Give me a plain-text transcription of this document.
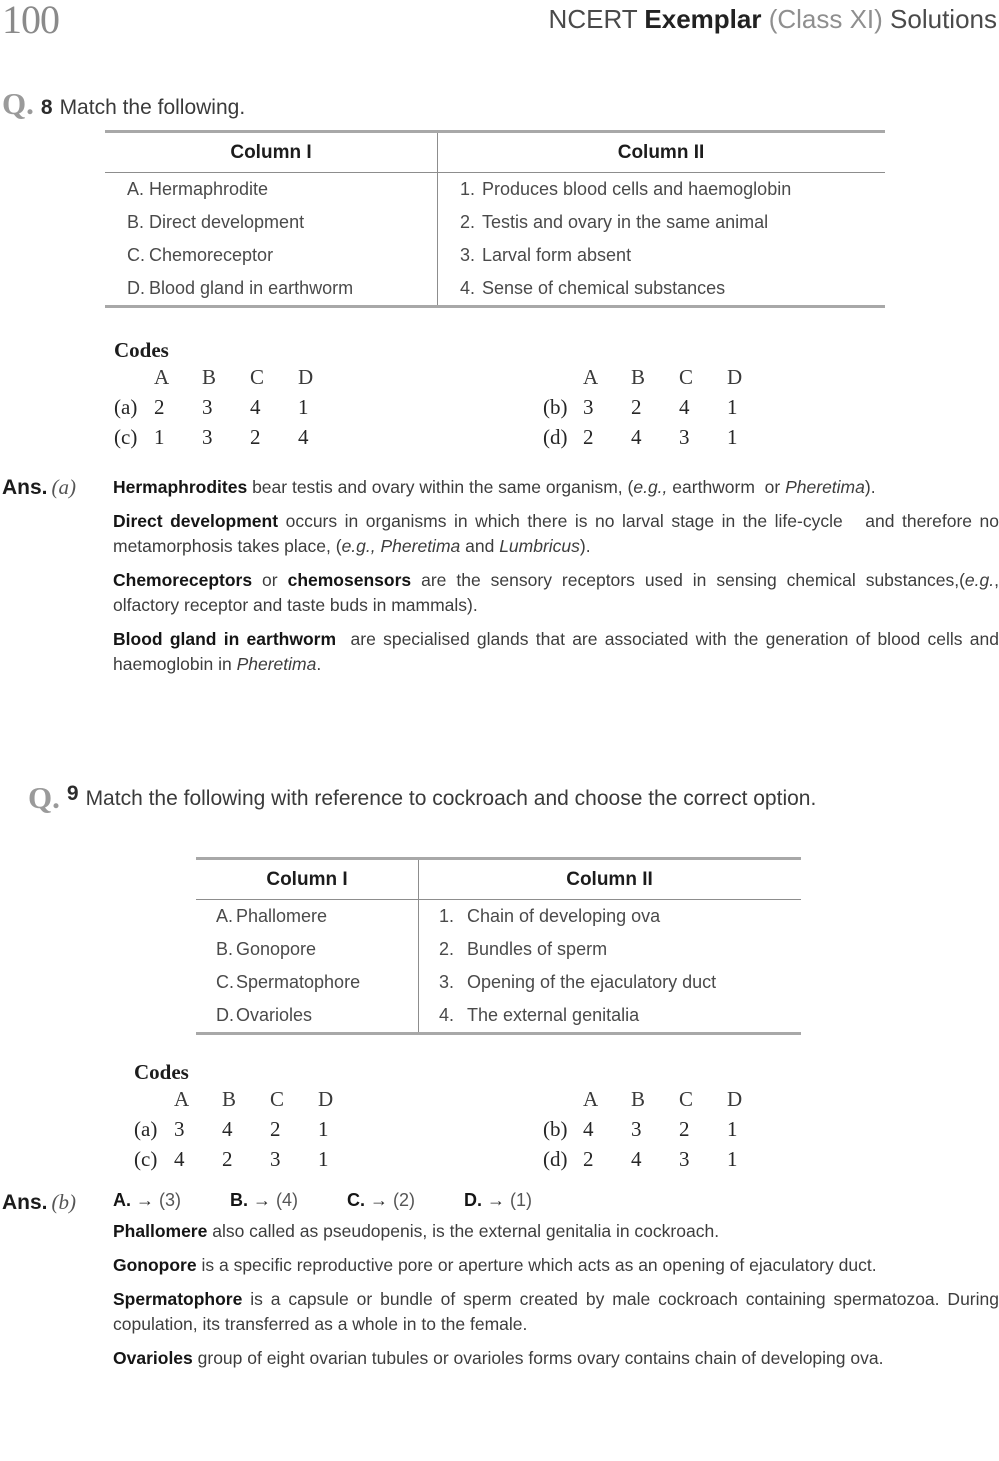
100	NCERT Exemplar (Class XI) Solutions
Q. 8 Match the following.
Column I	Column II
A. Hermaphrodite	1. Produces blood cells and haemoglobin
B. Direct development	2. Testis and ovary in the same animal
C. Chemoreceptor	3. Larval form absent
D. Blood gland in earthworm	4. Sense of chemical substances
Codes
A	B	C	D
(a) 2	3	4	1
(c) 1	3	2	4
A	B	C	D
(b) 3	2	4	1
(d) 2	4	3	1
Ans. (a) Hermaphrodites bear testis and ovary within the same organism, (e.g., earthworm  or Pheretima).

Direct development occurs in organisms in which there is no larval stage in the life-cycle   and therefore no metamorphosis takes place, (e.g., Pheretima and Lumbricus).

Chemoreceptors or chemosensors are the sensory receptors used in sensing chemical substances,(e.g., olfactory receptor and taste buds in mammals).

Blood gland in earthworm  are specialised glands that are associated with the generation of blood cells and haemoglobin in Pheretima.

Q. 9 Match the following with reference to cockroach and choose the correct option.
Column I	Column II
A. Phallomere	1. Chain of developing ova
B. Gonopore	2. Bundles of sperm
C. Spermatophore	3. Opening of the ejaculatory duct
D. Ovarioles	4. The external genitalia
Codes
A	B	C	D
(a) 3	4	2	1
(c) 4	2	3	1
A	B	C	D
(b) 4	3	2	1
(d) 2	4	3	1
Ans. (b) A. → (3)	B. → (4)	C. → (2)	D. → (1)

Phallomere also called as pseudopenis, is the external genitalia in cockroach.

Gonopore is a specific reproductive pore or aperture which acts as an opening of ejaculatory duct.

Spermatophore is a capsule or bundle of sperm created by male cockroach containing spermatozoa. During copulation, its transferred as a whole in to the female.

Ovarioles group of eight ovarian tubules or ovarioles forms ovary contains chain of developing ova.
